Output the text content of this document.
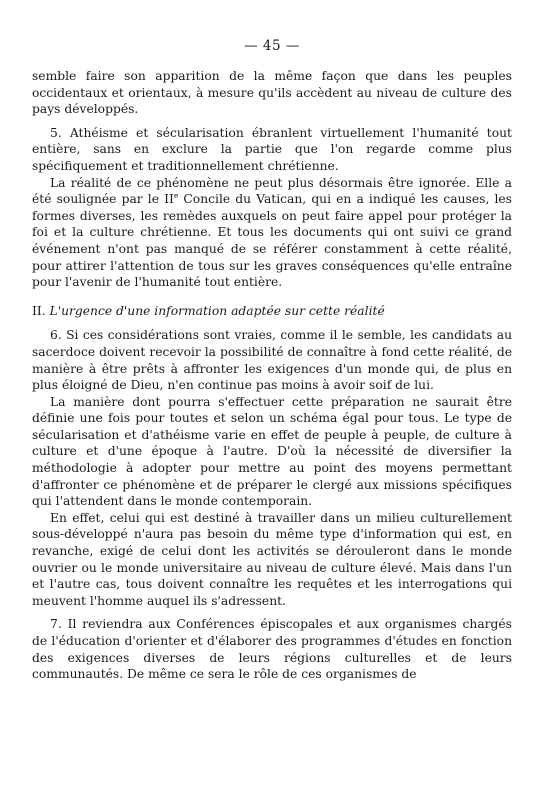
— 45 —

semble faire son apparition de la même façon que dans les peuples occidentaux et orientaux, à mesure qu'ils accèdent au niveau de culture des pays développés.

5. Athéisme et sécularisation ébranlent virtuellement l'humanité tout entière, sans en exclure la partie que l'on regarde comme plus spécifiquement et traditionnellement chrétienne.

La réalité de ce phénomène ne peut plus désormais être ignorée. Elle a été soulignée par le IIe Concile du Vatican, qui en a indiqué les causes, les formes diverses, les remèdes auxquels on peut faire appel pour protéger la foi et la culture chrétienne. Et tous les documents qui ont suivi ce grand événement n'ont pas manqué de se référer constamment à cette réalité, pour attirer l'attention de tous sur les graves conséquences qu'elle entraîne pour l'avenir de l'humanité tout entière.

II. L'urgence d'une information adaptée sur cette réalité

6. Si ces considérations sont vraies, comme il le semble, les candidats au sacerdoce doivent recevoir la possibilité de connaître à fond cette réalité, de manière à être prêts à affronter les exigences d'un monde qui, de plus en plus éloigné de Dieu, n'en continue pas moins à avoir soif de lui.

La manière dont pourra s'effectuer cette préparation ne saurait être définie une fois pour toutes et selon un schéma égal pour tous. Le type de sécularisation et d'athéisme varie en effet de peuple à peuple, de culture à culture et d'une époque à l'autre. D'où la nécessité de diversifier la méthodologie à adopter pour mettre au point des moyens permettant d'affronter ce phénomène et de préparer le clergé aux missions spécifiques qui l'attendent dans le monde contemporain.

En effet, celui qui est destiné à travailler dans un milieu culturellement sous-développé n'aura pas besoin du même type d'information qui est, en revanche, exigé de celui dont les activités se dérouleront dans le monde ouvrier ou le monde universitaire au niveau de culture élevé. Mais dans l'un et l'autre cas, tous doivent connaître les requêtes et les interrogations qui meuvent l'homme auquel ils s'adressent.

7. Il reviendra aux Conférences épiscopales et aux organismes chargés de l'éducation d'orienter et d'élaborer des programmes d'études en fonction des exigences diverses de leurs régions culturelles et de leurs communautés. De même ce sera le rôle de ces organismes de
